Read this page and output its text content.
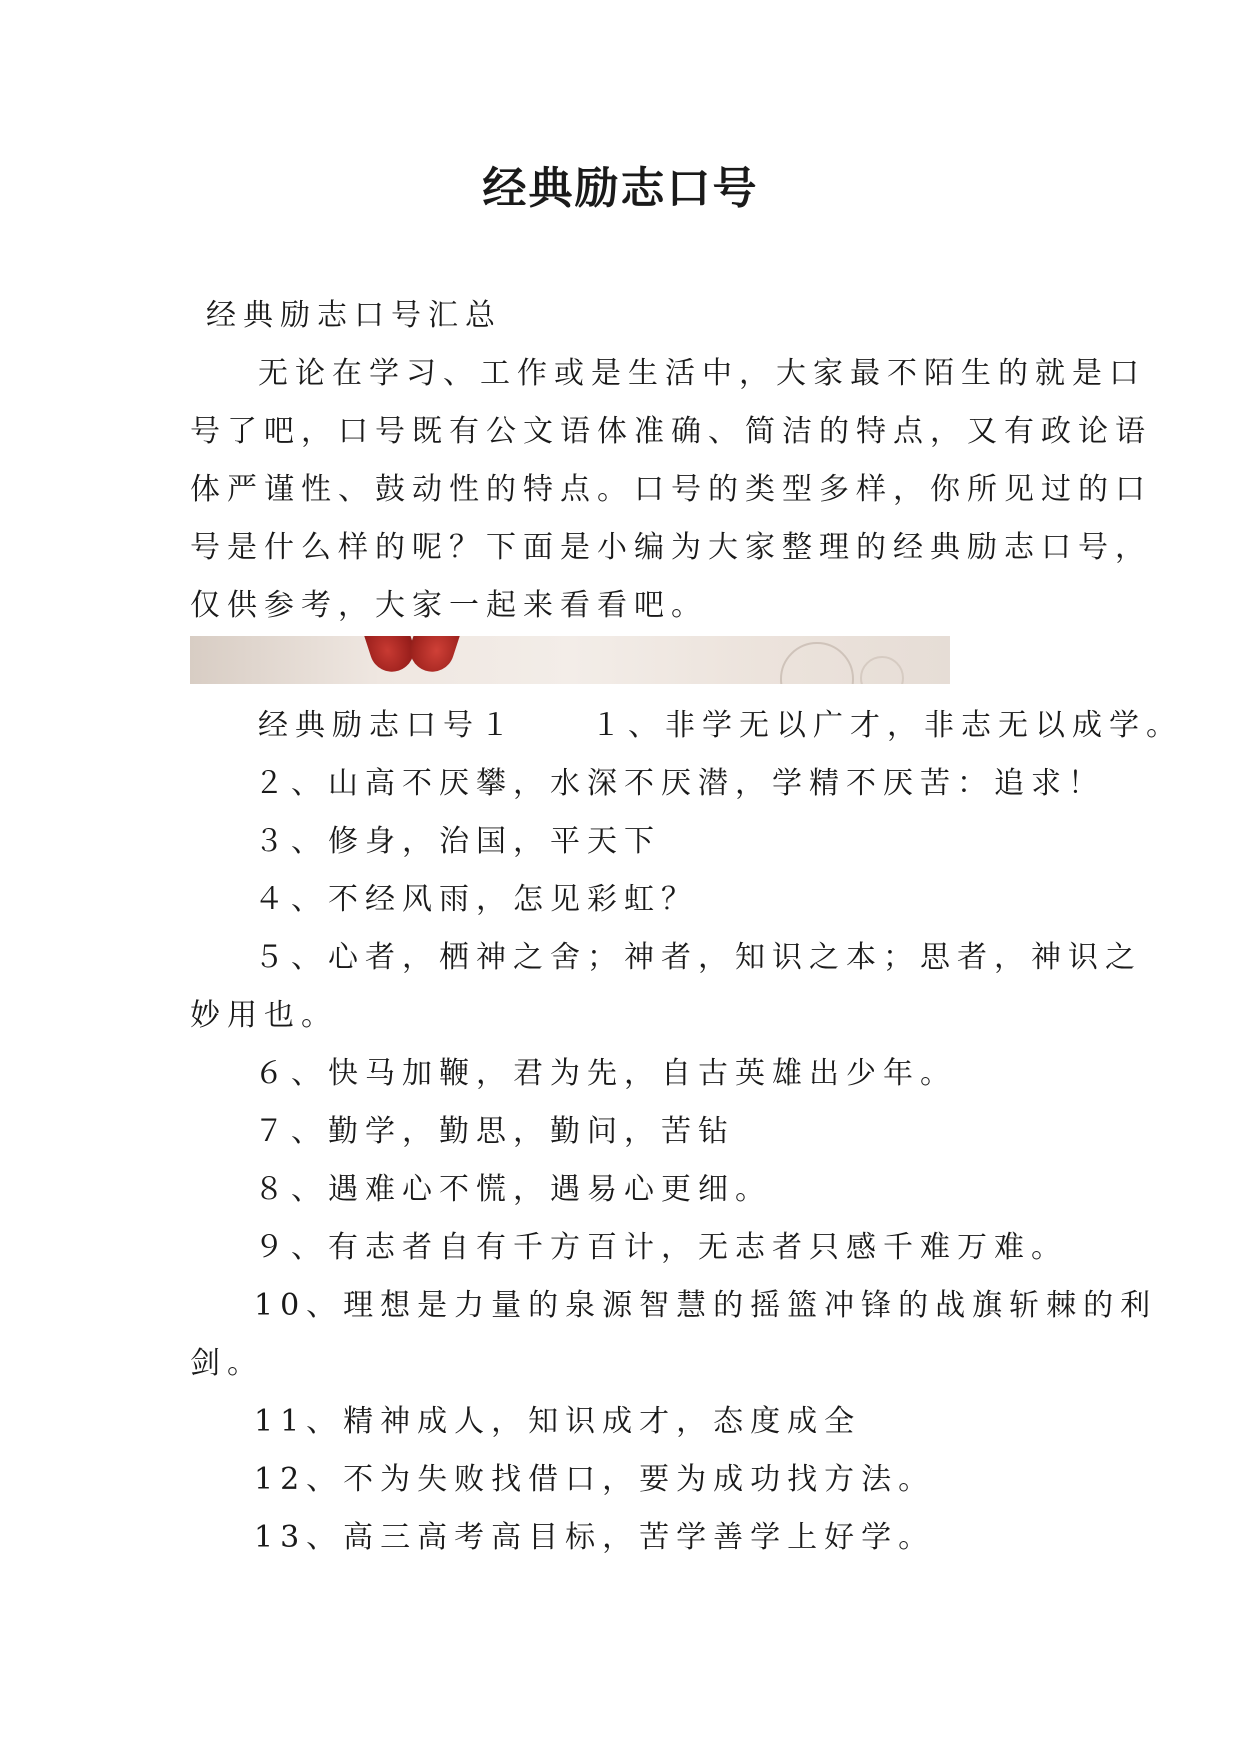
经典励志口号
经典励志口号汇总
无论在学习、工作或是生活中，大家最不陌生的就是口
号了吧，口号既有公文语体准确、简洁的特点，又有政论语
体严谨性、鼓动性的特点。口号的类型多样，你所见过的口
号是什么样的呢？下面是小编为大家整理的经典励志口号，
仅供参考，大家一起来看看吧。
经典励志口号１　　１、非学无以广才，非志无以成学。
２、山高不厌攀，水深不厌潜，学精不厌苦：追求！
３、修身，治国，平天下
４、不经风雨，怎见彩虹？
５、心者，栖神之舍；神者，知识之本；思者，神识之
妙用也。
６、快马加鞭，君为先，自古英雄出少年。
７、勤学，勤思，勤问，苦钻
８、遇难心不慌，遇易心更细。
９、有志者自有千方百计，无志者只感千难万难。
10、理想是力量的泉源智慧的摇篮冲锋的战旗斩棘的利
剑。
11、精神成人，知识成才，态度成全
12、不为失败找借口，要为成功找方法。
13、高三高考高目标，苦学善学上好学。
